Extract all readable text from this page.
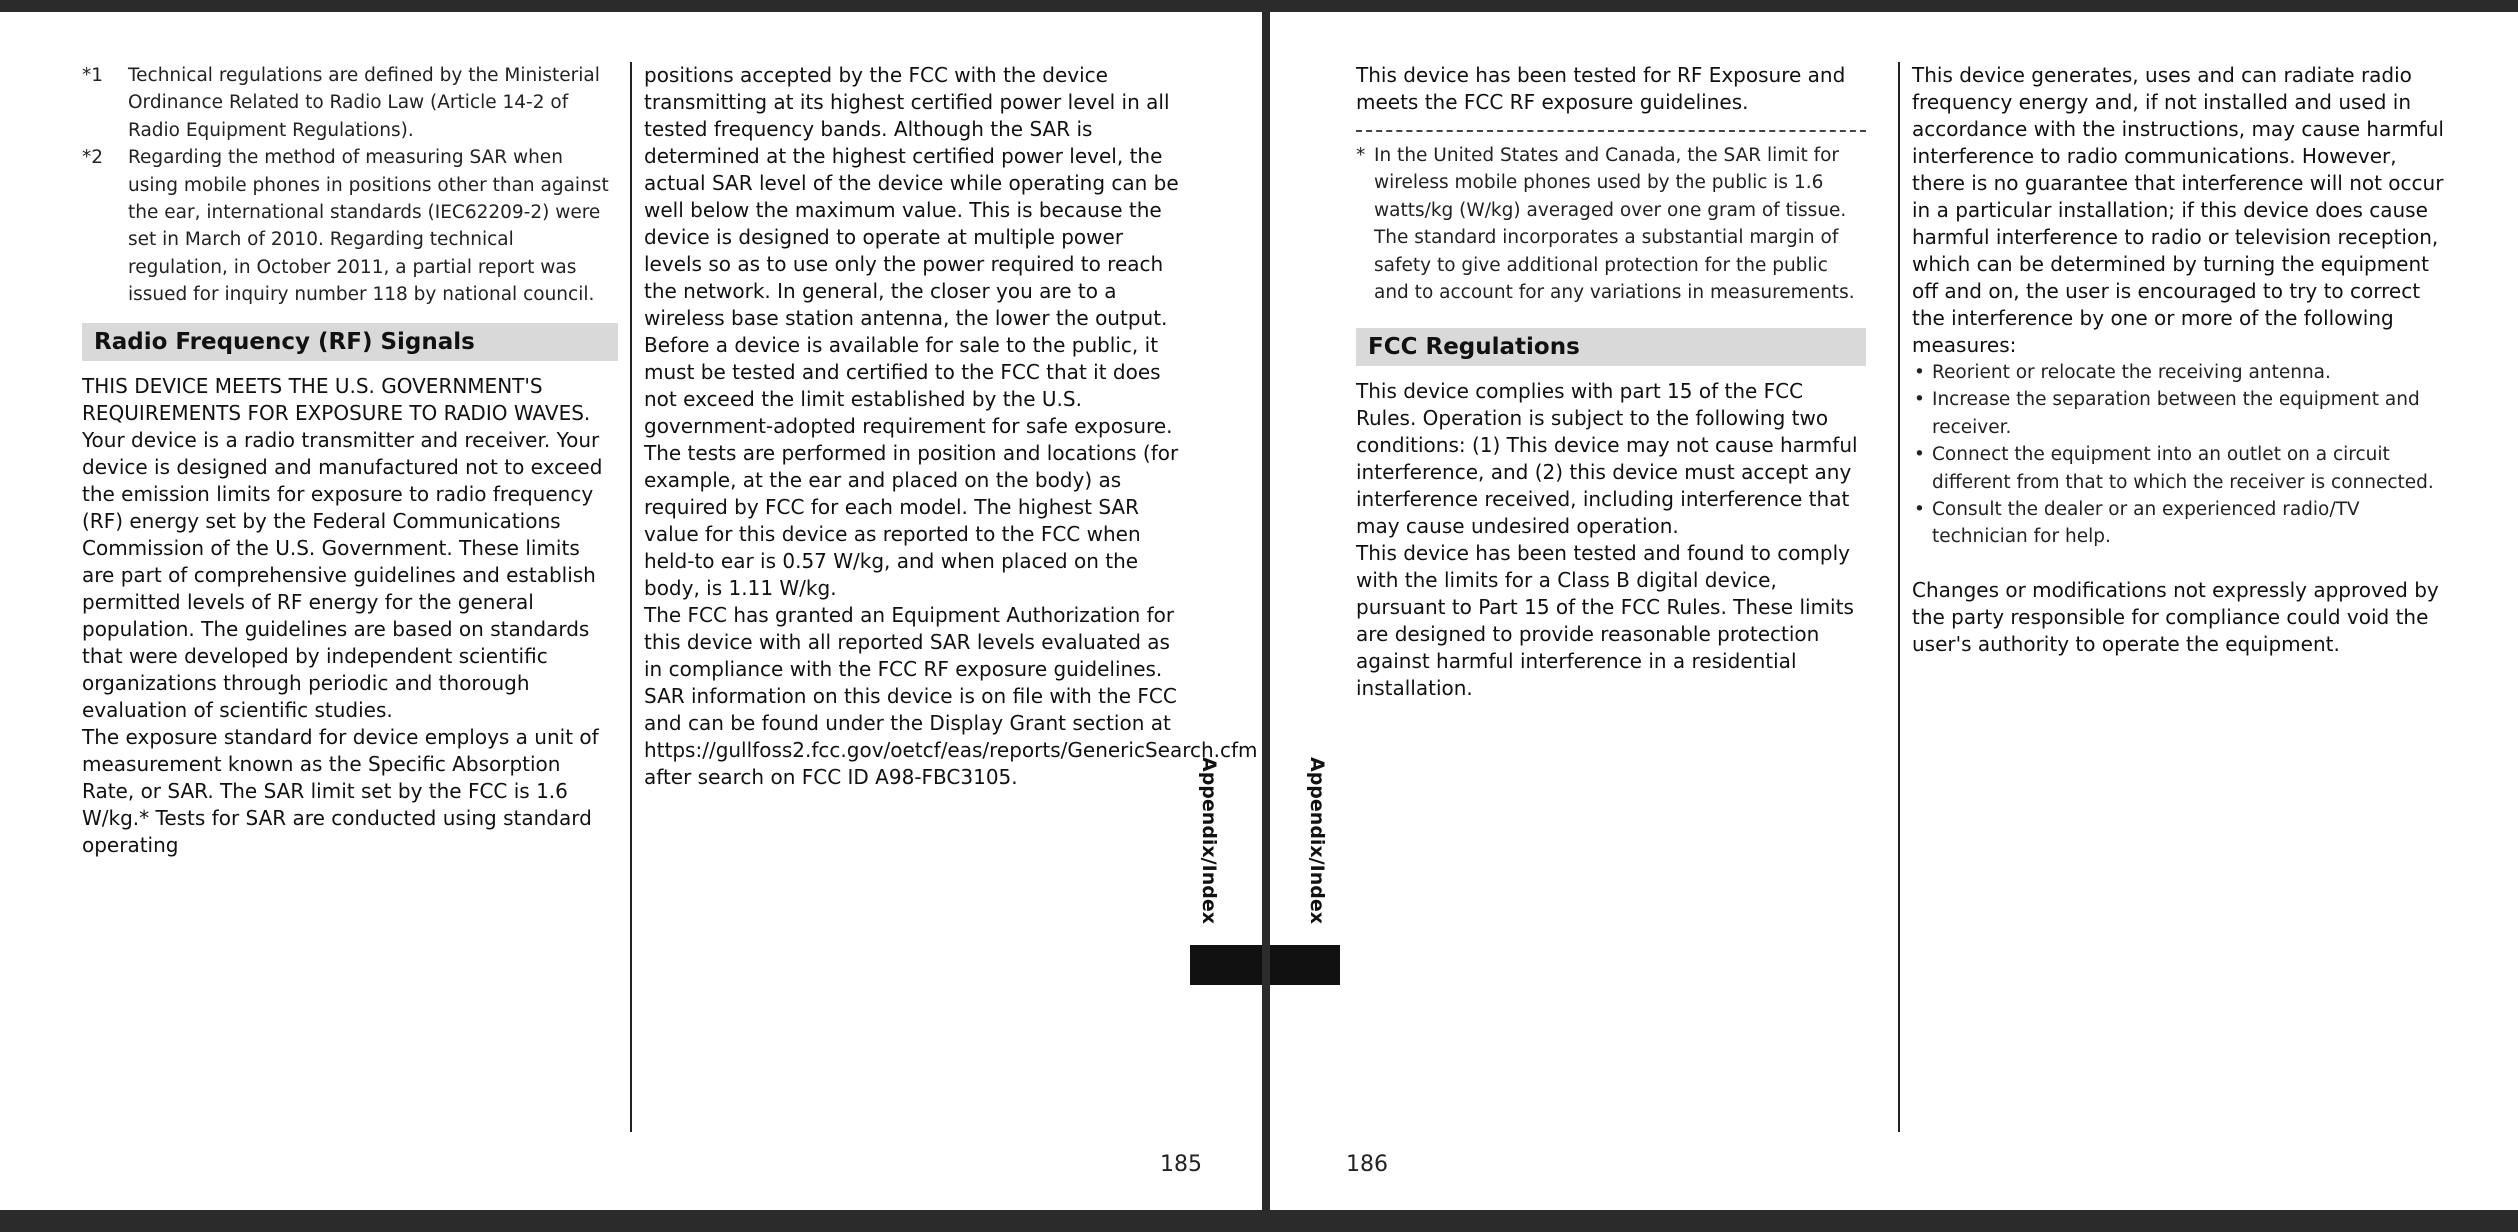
*1 Technical regulations are defined by the Ministerial Ordinance Related to Radio Law (Article 14-2 of Radio Equipment Regulations).
*2 Regarding the method of measuring SAR when using mobile phones in positions other than against the ear, international standards (IEC62209-2) were set in March of 2010. Regarding technical regulation, in October 2011, a partial report was issued for inquiry number 118 by national council.
Radio Frequency (RF) Signals

THIS DEVICE MEETS THE U.S. GOVERNMENT'S REQUIREMENTS FOR EXPOSURE TO RADIO WAVES.

Your device is a radio transmitter and receiver. Your device is designed and manufactured not to exceed the emission limits for exposure to radio frequency (RF) energy set by the Federal Communications Commission of the U.S. Government. These limits are part of comprehensive guidelines and establish permitted levels of RF energy for the general population. The guidelines are based on standards that were developed by independent scientific organizations through periodic and thorough evaluation of scientific studies.

The exposure standard for device employs a unit of measurement known as the Specific Absorption Rate, or SAR. The SAR limit set by the FCC is 1.6 W/kg.* Tests for SAR are conducted using standard operating

positions accepted by the FCC with the device transmitting at its highest certified power level in all tested frequency bands. Although the SAR is determined at the highest certified power level, the actual SAR level of the device while operating can be well below the maximum value. This is because the device is designed to operate at multiple power levels so as to use only the power required to reach the network. In general, the closer you are to a wireless base station antenna, the lower the output.

Before a device is available for sale to the public, it must be tested and certified to the FCC that it does not exceed the limit established by the U.S. government-adopted requirement for safe exposure. The tests are performed in position and locations (for example, at the ear and placed on the body) as required by FCC for each model. The highest SAR value for this device as reported to the FCC when held-to ear is 0.57 W/kg, and when placed on the body, is 1.11 W/kg.

The FCC has granted an Equipment Authorization for this device with all reported SAR levels evaluated as in compliance with the FCC RF exposure guidelines. SAR information on this device is on file with the FCC and can be found under the Display Grant section at https://gullfoss2.fcc.gov/oetcf/eas/reports/GenericSearch.cfm after search on FCC ID A98-FBC3105.	Appendix/Index
185
Appendix/Index

This device has been tested for RF Exposure and meets the FCC RF exposure guidelines.

* In the United States and Canada, the SAR limit for wireless mobile phones used by the public is 1.6 watts/kg (W/kg) averaged over one gram of tissue. The standard incorporates a substantial margin of safety to give additional protection for the public and to account for any variations in measurements.
FCC Regulations

This device complies with part 15 of the FCC Rules. Operation is subject to the following two conditions: (1) This device may not cause harmful interference, and (2) this device must accept any interference received, including interference that may cause undesired operation.

This device has been tested and found to comply with the limits for a Class B digital device, pursuant to Part 15 of the FCC Rules. These limits are designed to provide reasonable protection against harmful interference in a residential installation.

This device generates, uses and can radiate radio frequency energy and, if not installed and used in accordance with the instructions, may cause harmful interference to radio communications. However, there is no guarantee that interference will not occur in a particular installation; if this device does cause harmful interference to radio or television reception, which can be determined by turning the equipment off and on, the user is encouraged to try to correct the interference by one or more of the following measures:

• Reorient or relocate the receiving antenna.
• Increase the separation between the equipment and receiver.
• Connect the equipment into an outlet on a circuit different from that to which the receiver is connected.
• Consult the dealer or an experienced radio/TV technician for help.

Changes or modifications not expressly approved by the party responsible for compliance could void the user's authority to operate the equipment.

186
